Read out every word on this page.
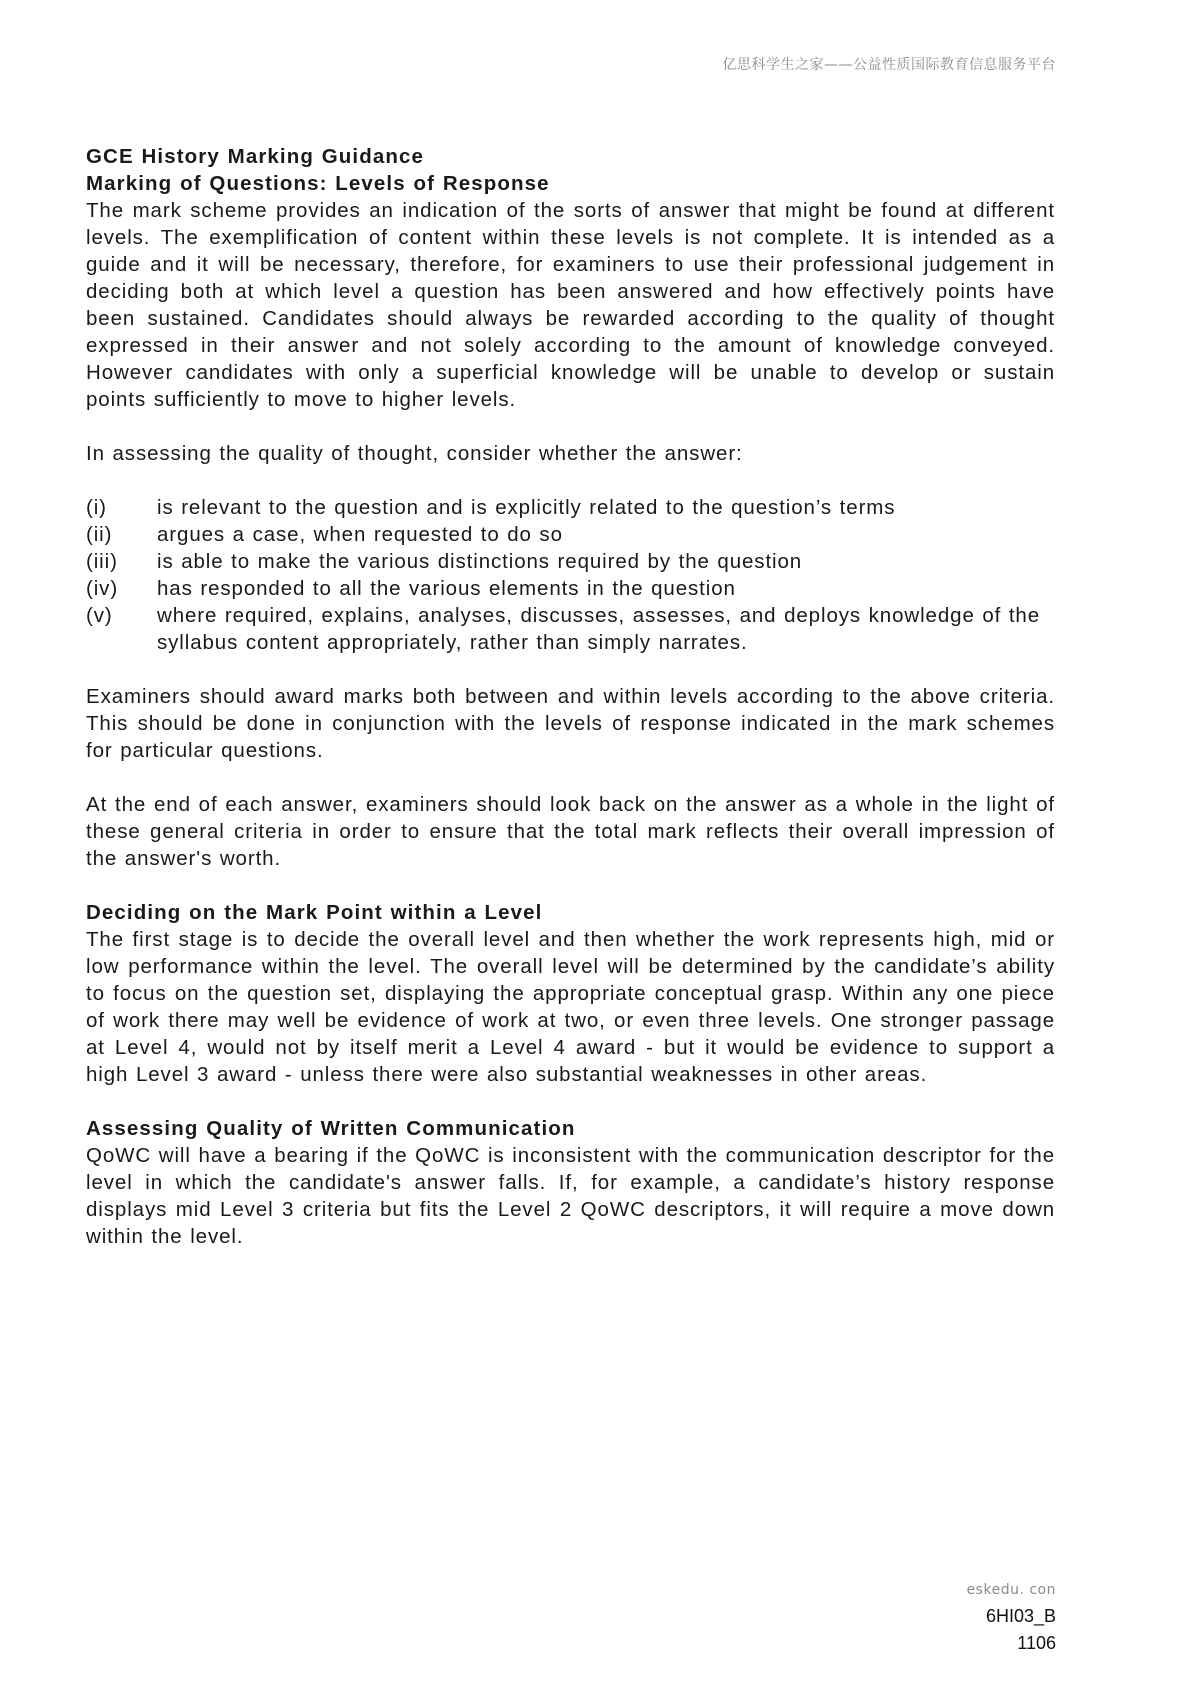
亿思科学生之家——公益性质国际教育信息服务平台

GCE History Marking Guidance

Marking of Questions: Levels of Response

The mark scheme provides an indication of the sorts of answer that might be found at different levels. The exemplification of content within these levels is not complete. It is intended as a guide and it will be necessary, therefore, for examiners to use their professional judgement in deciding both at which level a question has been answered and how effectively points have been sustained. Candidates should always be rewarded according to the quality of thought expressed in their answer and not solely according to the amount of knowledge conveyed. However candidates with only a superficial knowledge will be unable to develop or sustain points sufficiently to move to higher levels.

In assessing the quality of thought, consider whether the answer:

(i)	is relevant to the question and is explicitly related to the question’s terms
(ii)	argues a case, when requested to do so
(iii)	is able to make the various distinctions required by the question
(iv)	has responded to all the various elements in the question
(v)	where required, explains, analyses, discusses, assesses, and deploys knowledge of the syllabus content appropriately, rather than simply narrates.

Examiners should award marks both between and within levels according to the above criteria. This should be done in conjunction with the levels of response indicated in the mark schemes for particular questions.

At the end of each answer, examiners should look back on the answer as a whole in the light of these general criteria in order to ensure that the total mark reflects their overall impression of the answer's worth.

Deciding on the Mark Point within a Level

The first stage is to decide the overall level and then whether the work represents high, mid or low performance within the level. The overall level will be determined by the candidate’s ability to focus on the question set, displaying the appropriate conceptual grasp. Within any one piece of work there may well be evidence of work at two, or even three levels. One stronger passage at Level 4, would not by itself merit a Level 4 award - but it would be evidence to support a high Level 3 award - unless there were also substantial weaknesses in other areas.

Assessing Quality of Written Communication

QoWC will have a bearing if the QoWC is inconsistent with the communication descriptor for the level in which the candidate's answer falls. If, for example, a candidate’s history response displays mid Level 3 criteria but fits the Level 2 QoWC descriptors, it will require a move down within the level.

eskedu. con
6HI03_B
1106
